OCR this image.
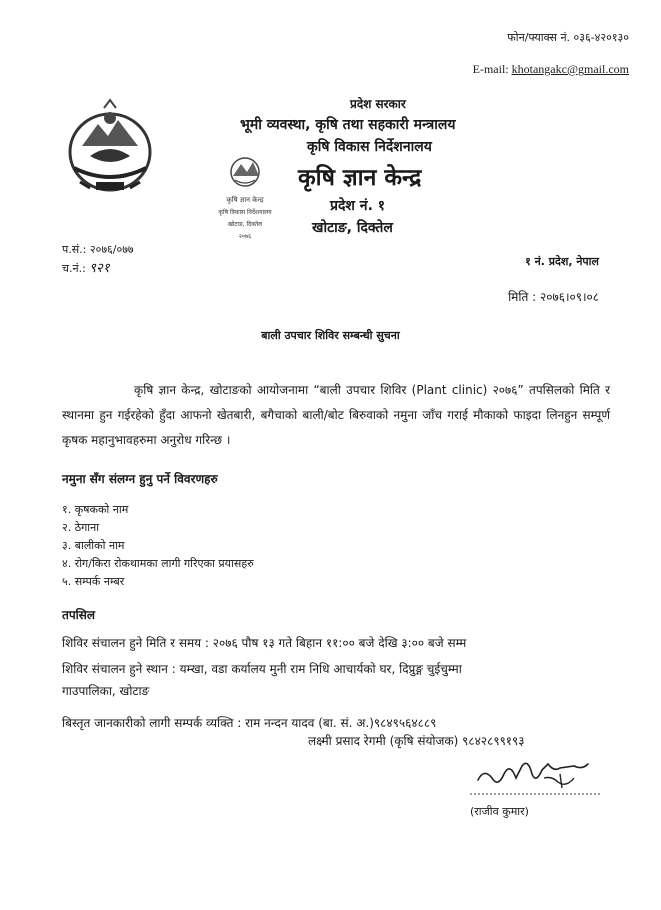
फोन/फ्याक्स नं. ०३६-४२०१३०
E-mail: khotangakc@gmail.com
कृषि ज्ञान केन्द्र
कृषि विकास निर्देशनालय
खोटाङ, दिक्तेल
२०७६
प्रदेश सरकार
भूमी व्यवस्था, कृषि तथा सहकारी मन्त्रालय
कृषि विकास निर्देशनालय
कृषि ज्ञान केन्द्र
प्रदेश नं. १
खोटाङ, दिक्तेल
प.सं.: २०७६/०७७
च.नं.: ९२१	१ नं. प्रदेश, नेपाल
मिति : २०७६।०९।०८
बाली उपचार शिविर सम्बन्धी सुचना
कृषि ज्ञान केन्द्र, खोटाङको आयोजनामा “बाली उपचार शिविर (Plant clinic) २०७६” तपसिलको मिति र स्थानमा हुन गईरहेको हुँदा आफनो खेतबारी, बगैचाको बाली/बोट बिरुवाको नमुना जाँच गराई मौकाको फाइदा लिनहुन सम्पूर्ण कृषक महानुभावहरुमा अनुरोध गरिन्छ ।
नमुना सँग संलग्न हुनु पर्ने विवरणहरु
१. कृषकको नाम
२. ठेगाना
३. बालीको नाम
४. रोग/किरा रोकथामका लागी गरिएका प्रयासहरु
५. सम्पर्क नम्बर
तपसिल
शिविर संचालन हुने मिति र समय : २०७६ पौष १३ गते बिहान ११:०० बजे देखि ३:०० बजे सम्म
शिविर संचालन हुने स्थान : यम्खा, वडा कर्यालय मुनी राम निधि आचार्यको घर, दिप्रुङ्ग चुईचुम्मा
गाउपालिका, खोटाङ
बिस्तृत जानकारीको लागी सम्पर्क व्यक्ति : राम नन्दन यादव (बा. सं. अ.)९८४९५६४८८९
लक्ष्मी प्रसाद रेगमी (कृषि संयोजक) ९८४२८९९१९३
(राजीव कुमार)
